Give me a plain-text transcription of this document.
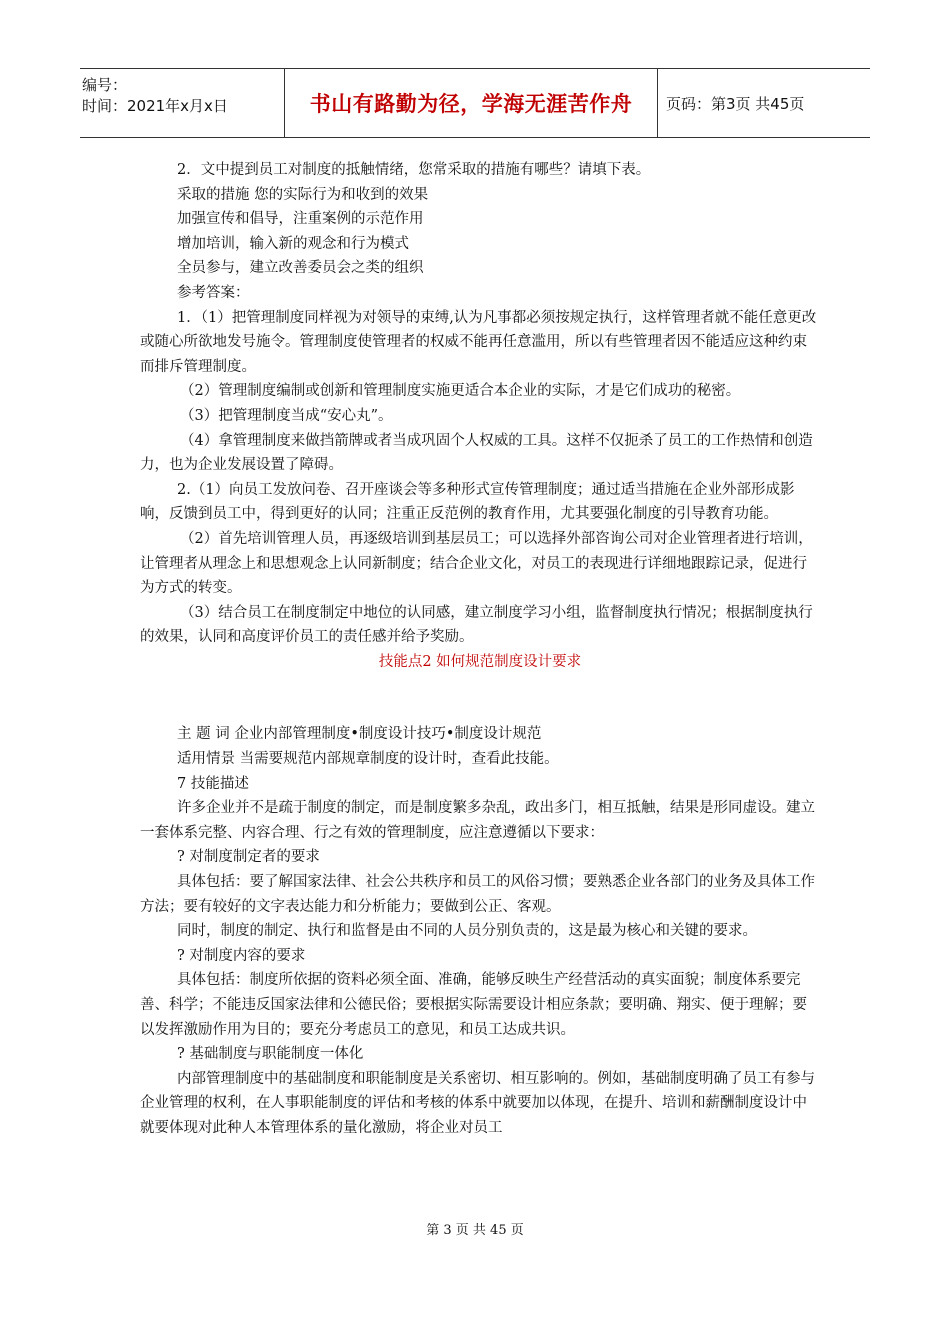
编号：
时间：2021年x月x日	书山有路勤为径，学海无涯苦作舟	页码：第3页 共45页

2．文中提到员工对制度的抵触情绪，您常采取的措施有哪些？请填下表。

采取的措施 您的实际行为和收到的效果

加强宣传和倡导，注重案例的示范作用

增加培训，输入新的观念和行为模式

全员参与，建立改善委员会之类的组织

参考答案：

1．（1）把管理制度同样视为对领导的束缚,认为凡事都必须按规定执行，这样管理者就不能任意更改或随心所欲地发号施令。管理制度使管理者的权威不能再任意滥用，所以有些管理者因不能适应这种约束而排斥管理制度。

（2）管理制度编制或创新和管理制度实施更适合本企业的实际，才是它们成功的秘密。

（3）把管理制度当成“安心丸”。

（4）拿管理制度来做挡箭牌或者当成巩固个人权威的工具。这样不仅扼杀了员工的工作热情和创造力，也为企业发展设置了障碍。

2.（1）向员工发放问卷、召开座谈会等多种形式宣传管理制度；通过适当措施在企业外部形成影响，反馈到员工中，得到更好的认同；注重正反范例的教育作用，尤其要强化制度的引导教育功能。

（2）首先培训管理人员，再逐级培训到基层员工；可以选择外部咨询公司对企业管理者进行培训，让管理者从理念上和思想观念上认同新制度；结合企业文化，对员工的表现进行详细地跟踪记录，促进行为方式的转变。

（3）结合员工在制度制定中地位的认同感，建立制度学习小组，监督制度执行情况；根据制度执行的效果，认同和高度评价员工的责任感并给予奖励。

技能点2 如何规范制度设计要求

主 题 词 企业内部管理制度•制度设计技巧•制度设计规范

适用情景 当需要规范内部规章制度的设计时，查看此技能。

7 技能描述

许多企业并不是疏于制度的制定，而是制度繁多杂乱，政出多门，相互抵触，结果是形同虚设。建立一套体系完整、内容合理、行之有效的管理制度，应注意遵循以下要求：

? 对制度制定者的要求

具体包括：要了解国家法律、社会公共秩序和员工的风俗习惯；要熟悉企业各部门的业务及具体工作方法；要有较好的文字表达能力和分析能力；要做到公正、客观。

同时，制度的制定、执行和监督是由不同的人员分别负责的，这是最为核心和关键的要求。

? 对制度内容的要求

具体包括：制度所依据的资料必须全面、准确，能够反映生产经营活动的真实面貌；制度体系要完善、科学；不能违反国家法律和公德民俗；要根据实际需要设计相应条款；要明确、翔实、便于理解；要以发挥激励作用为目的；要充分考虑员工的意见，和员工达成共识。

? 基础制度与职能制度一体化

内部管理制度中的基础制度和职能制度是关系密切、相互影响的。例如，基础制度明确了员工有参与企业管理的权利，在人事职能制度的评估和考核的体系中就要加以体现，在提升、培训和薪酬制度设计中就要体现对此种人本管理体系的量化激励，将企业对员工

第 3 页 共 45 页
